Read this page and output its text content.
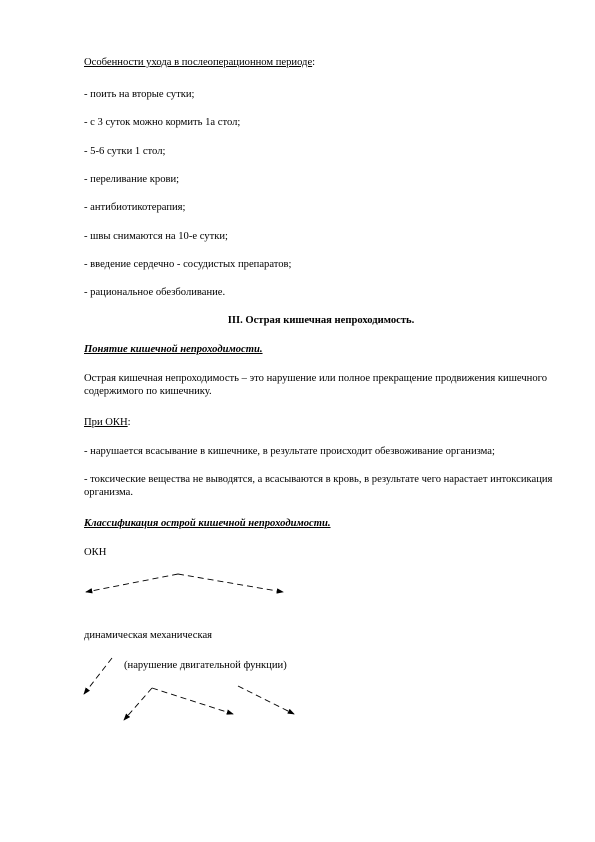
Особенности ухода в послеоперационном периоде:
- поить на вторые сутки;
- с 3 суток можно кормить 1а стол;
- 5-6 сутки 1 стол;
- переливание крови;
- антибиотикотерапия;
- швы снимаются на 10-е сутки;
- введение сердечно - сосудистых препаратов;
- рациональное обезболивание.
III. Острая кишечная непроходимость.
Понятие кишечной непроходимости.
Острая кишечная непроходимость – это нарушение или полное прекращение продвижения кишечного содержимого по кишечнику.
При ОКН:
- нарушается всасывание в кишечнике, в результате происходит обезвоживание организма;
- токсические вещества не выводятся, а всасываются в кровь, в результате чего нарастает интоксикация организма.
Классификация острой кишечной непроходимости.
ОКН
динамическая механическая
(нарушение двигательной функции)
